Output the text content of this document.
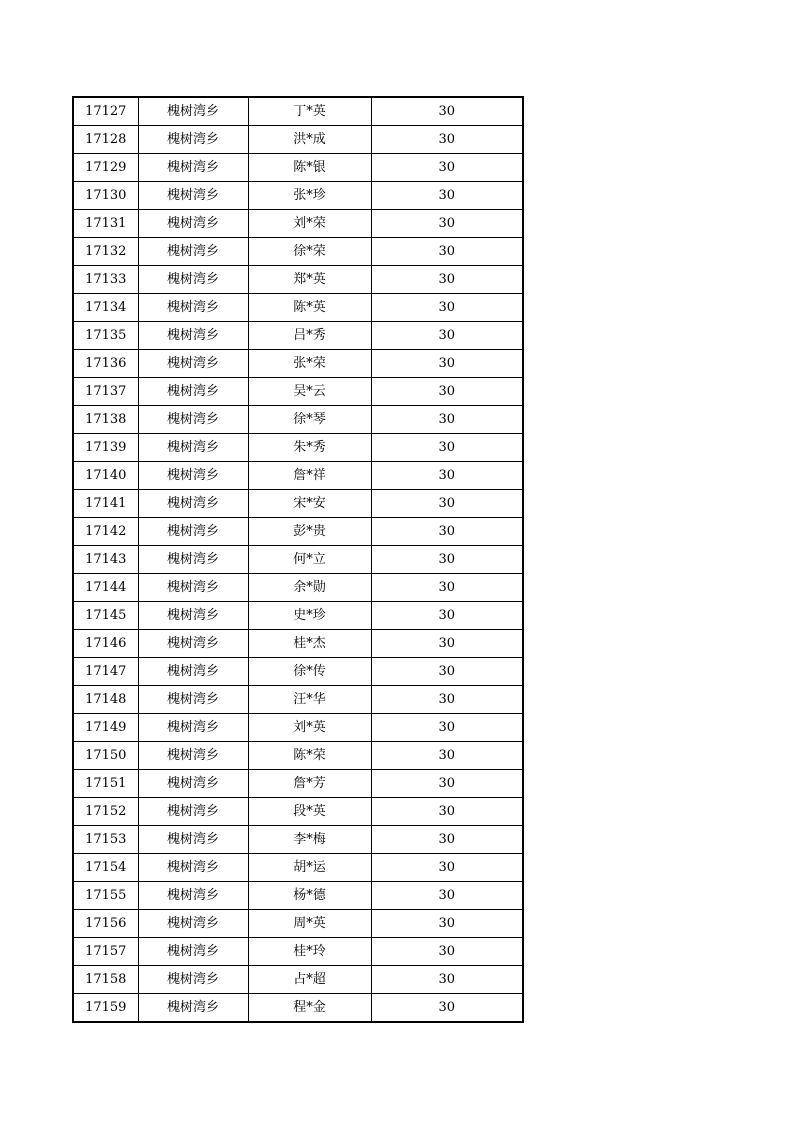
17127	槐树湾乡	丁*英	30
17128	槐树湾乡	洪*成	30
17129	槐树湾乡	陈*银	30
17130	槐树湾乡	张*珍	30
17131	槐树湾乡	刘*荣	30
17132	槐树湾乡	徐*荣	30
17133	槐树湾乡	郑*英	30
17134	槐树湾乡	陈*英	30
17135	槐树湾乡	吕*秀	30
17136	槐树湾乡	张*荣	30
17137	槐树湾乡	吴*云	30
17138	槐树湾乡	徐*琴	30
17139	槐树湾乡	朱*秀	30
17140	槐树湾乡	詹*祥	30
17141	槐树湾乡	宋*安	30
17142	槐树湾乡	彭*贵	30
17143	槐树湾乡	何*立	30
17144	槐树湾乡	余*勋	30
17145	槐树湾乡	史*珍	30
17146	槐树湾乡	桂*杰	30
17147	槐树湾乡	徐*传	30
17148	槐树湾乡	汪*华	30
17149	槐树湾乡	刘*英	30
17150	槐树湾乡	陈*荣	30
17151	槐树湾乡	詹*芳	30
17152	槐树湾乡	段*英	30
17153	槐树湾乡	李*梅	30
17154	槐树湾乡	胡*运	30
17155	槐树湾乡	杨*德	30
17156	槐树湾乡	周*英	30
17157	槐树湾乡	桂*玲	30
17158	槐树湾乡	占*超	30
17159	槐树湾乡	程*金	30
